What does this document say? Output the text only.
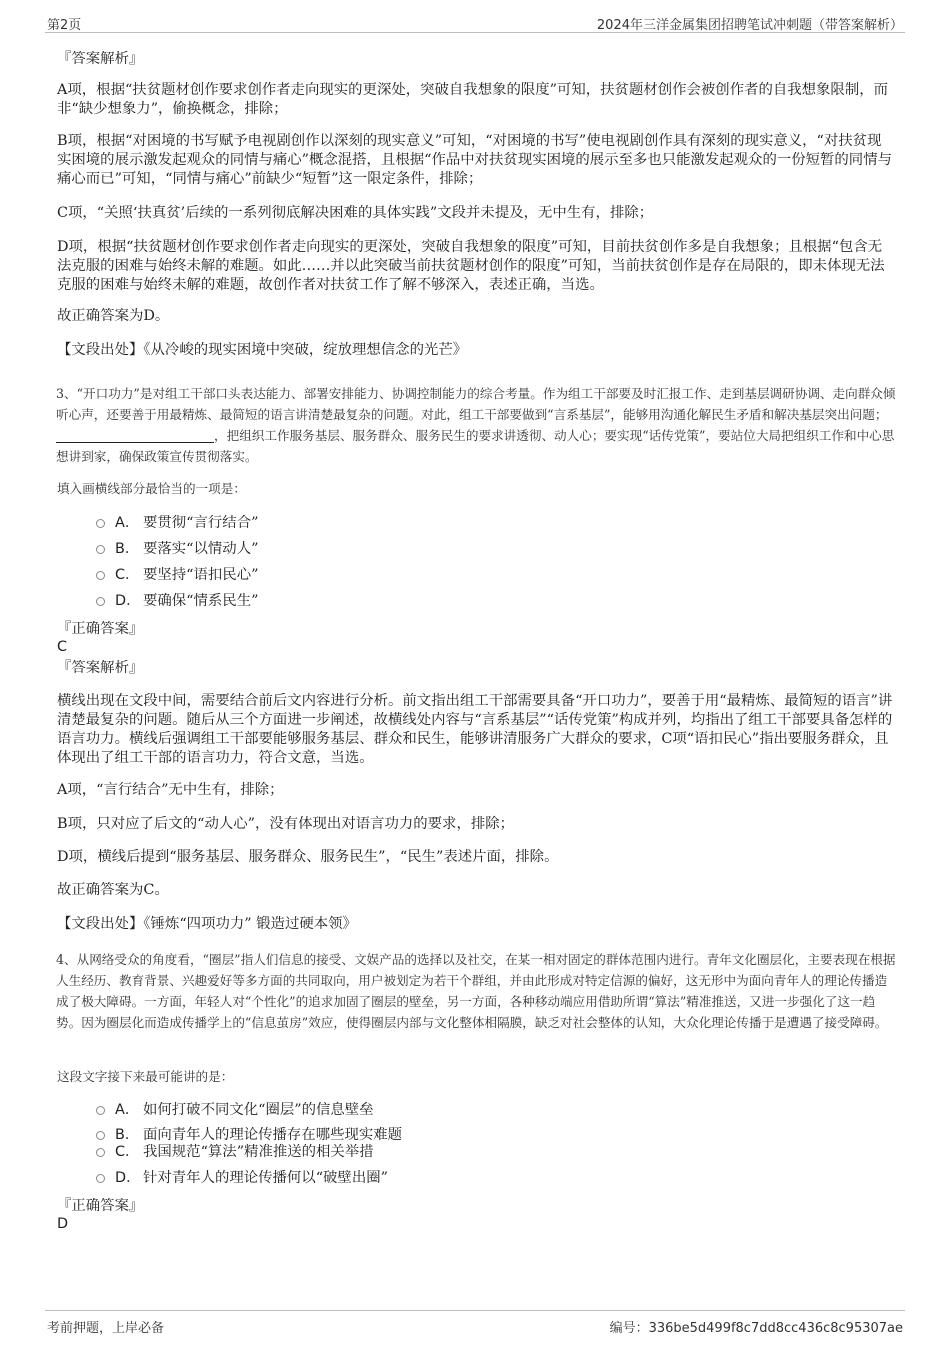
第2页	2024年三洋金属集团招聘笔试冲刺题（带答案解析）

『答案解析』

A项，根据“扶贫题材创作要求创作者走向现实的更深处，突破自我想象的限度”可知，扶贫题材创作会被创作者的自我想象限制，而非“缺少想象力”，偷换概念，排除；

B项，根据“对困境的书写赋予电视剧创作以深刻的现实意义”可知，“对困境的书写”使电视剧创作具有深刻的现实意义，“对扶贫现实困境的展示激发起观众的同情与痛心”概念混搭，且根据“作品中对扶贫现实困境的展示至多也只能激发起观众的一份短暂的同情与痛心而已”可知，“同情与痛心”前缺少“短暂”这一限定条件，排除；

C项，“关照‘扶真贫’后续的一系列彻底解决困难的具体实践”文段并未提及，无中生有，排除；

D项，根据“扶贫题材创作要求创作者走向现实的更深处，突破自我想象的限度”可知，目前扶贫创作多是自我想象；且根据“包含无法克服的困难与始终未解的难题。如此……并以此突破当前扶贫题材创作的限度”可知，当前扶贫创作是存在局限的，即未体现无法克服的困难与始终未解的难题，故创作者对扶贫工作了解不够深入，表述正确，当选。

故正确答案为D。

【文段出处】《从冷峻的现实困境中突破，绽放理想信念的光芒》

3、“开口功力”是对组工干部口头表达能力、部署安排能力、协调控制能力的综合考量。作为组工干部要及时汇报工作、走到基层调研协调、走向群众倾听心声，还要善于用最精炼、最简短的语言讲清楚最复杂的问题。对此，组工干部要做到“言系基层”，能够用沟通化解民生矛盾和解决基层突出问题；，把组织工作服务基层、服务群众、服务民生的要求讲透彻、动人心；要实现“话传党策”，要站位大局把组织工作和中心思想讲到家，确保政策宣传贯彻落实。

填入画横线部分最恰当的一项是：

A． 要贯彻“言行结合”
B． 要落实“以情动人”
C． 要坚持“语扣民心”
D． 要确保“情系民生”

『正确答案』

C

『答案解析』

横线出现在文段中间，需要结合前后文内容进行分析。前文指出组工干部需要具备“开口功力”，要善于用“最精炼、最简短的语言”讲清楚最复杂的问题。随后从三个方面进一步阐述，故横线处内容与“言系基层”“话传党策”构成并列，均指出了组工干部要具备怎样的语言功力。横线后强调组工干部要能够服务基层、群众和民生，能够讲清服务广大群众的要求，C项“语扣民心”指出要服务群众，且体现出了组工干部的语言功力，符合文意，当选。

A项，“言行结合”无中生有，排除；

B项，只对应了后文的“动人心”，没有体现出对语言功力的要求，排除；

D项，横线后提到“服务基层、服务群众、服务民生”，“民生”表述片面，排除。

故正确答案为C。

【文段出处】《锤炼“四项功力” 锻造过硬本领》

4、从网络受众的角度看，“圈层”指人们信息的接受、文娱产品的选择以及社交，在某一相对固定的群体范围内进行。青年文化圈层化，主要表现在根据人生经历、教育背景、兴趣爱好等多方面的共同取向，用户被划定为若干个群组，并由此形成对特定信源的偏好，这无形中为面向青年人的理论传播造成了极大障碍。一方面，年轻人对“个性化”的追求加固了圈层的壁垒，另一方面，各种移动端应用借助所谓“算法”精准推送，又进一步强化了这一趋势。因为圈层化而造成传播学上的“信息茧房”效应，使得圈层内部与文化整体相隔膜，缺乏对社会整体的认知，大众化理论传播于是遭遇了接受障碍。

这段文字接下来最可能讲的是：

A． 如何打破不同文化“圈层”的信息壁垒
B． 面向青年人的理论传播存在哪些现实难题
C． 我国规范“算法”精准推送的相关举措
D． 针对青年人的理论传播何以“破壁出圈”

『正确答案』

D

考前押题，上岸必备	编号：336be5d499f8c7dd8cc436c8c95307ae
